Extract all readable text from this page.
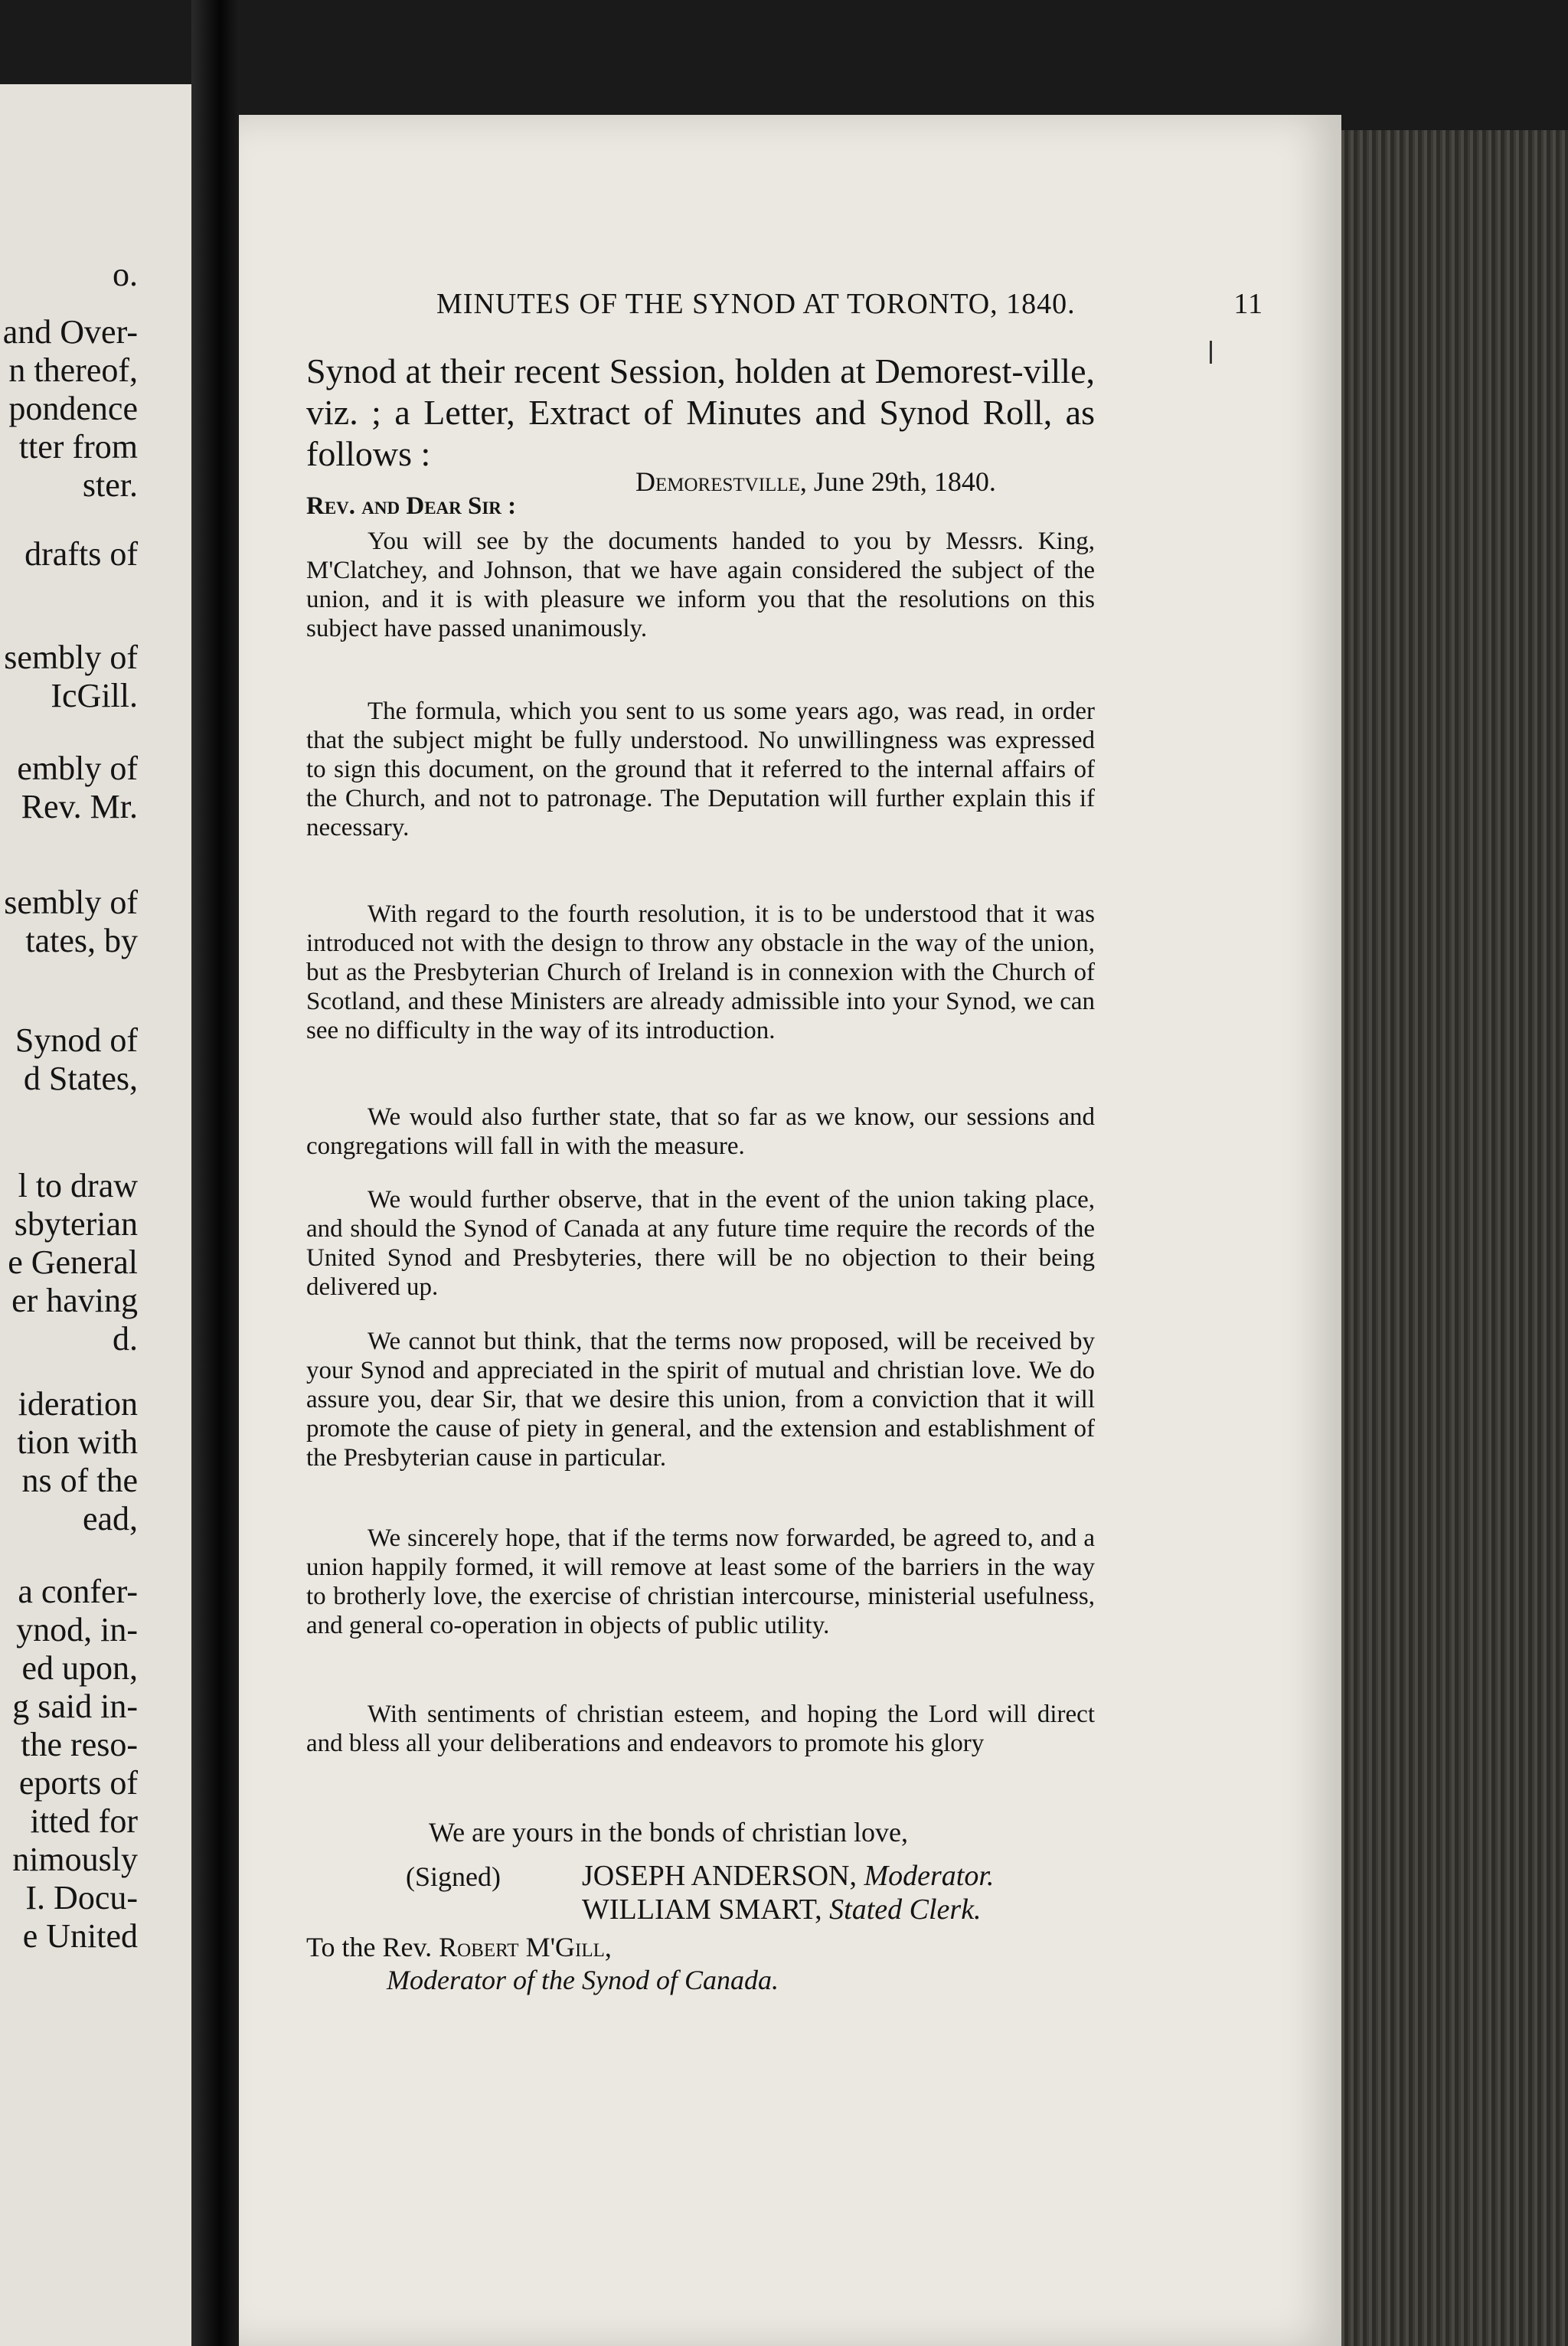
o.
and Over-
n thereof,
pondence
tter from
ster.
drafts of
sembly of
IcGill.
embly of
Rev. Mr.
sembly of
tates, by
Synod of
d States,
l to draw
sbyterian
e General
er having
d.
ideration
tion with
ns of the
ead,
a confer-
ynod, in-
ed upon,
g said in-
the reso-
eports of
itted for
nimously
I. Docu-
e United
MINUTES OF THE SYNOD AT TORONTO, 1840.	11
Synod at their recent Session, holden at Demorest-ville, viz. ; a Letter, Extract of Minutes and Synod Roll, as follows :
Demorestville, June 29th, 1840.
Rev. and Dear Sir :
You will see by the documents handed to you by Messrs. King, M'Clatchey, and Johnson, that we have again considered the subject of the union, and it is with pleasure we inform you that the resolutions on this subject have passed unanimously.
The formula, which you sent to us some years ago, was read, in order that the subject might be fully understood. No unwillingness was expressed to sign this document, on the ground that it referred to the internal affairs of the Church, and not to patronage. The Deputation will further explain this if necessary.
With regard to the fourth resolution, it is to be understood that it was introduced not with the design to throw any obstacle in the way of the union, but as the Presbyterian Church of Ireland is in connexion with the Church of Scotland, and these Ministers are already admissible into your Synod, we can see no difficulty in the way of its introduction.
We would also further state, that so far as we know, our sessions and congregations will fall in with the measure.
We would further observe, that in the event of the union taking place, and should the Synod of Canada at any future time require the records of the United Synod and Presbyteries, there will be no objection to their being delivered up.
We cannot but think, that the terms now proposed, will be received by your Synod and appreciated in the spirit of mutual and christian love. We do assure you, dear Sir, that we desire this union, from a conviction that it will promote the cause of piety in general, and the extension and establishment of the Presbyterian cause in particular.
We sincerely hope, that if the terms now forwarded, be agreed to, and a union happily formed, it will remove at least some of the barriers in the way to brotherly love, the exercise of christian intercourse, ministerial usefulness, and general co-operation in objects of public utility.
With sentiments of christian esteem, and hoping the Lord will direct and bless all your deliberations and endeavors to promote his glory
We are yours in the bonds of christian love,
(Signed)	JOSEPH ANDERSON, Moderator.
WILLIAM SMART, Stated Clerk.
To the Rev. Robert M'Gill,
Moderator of the Synod of Canada.
